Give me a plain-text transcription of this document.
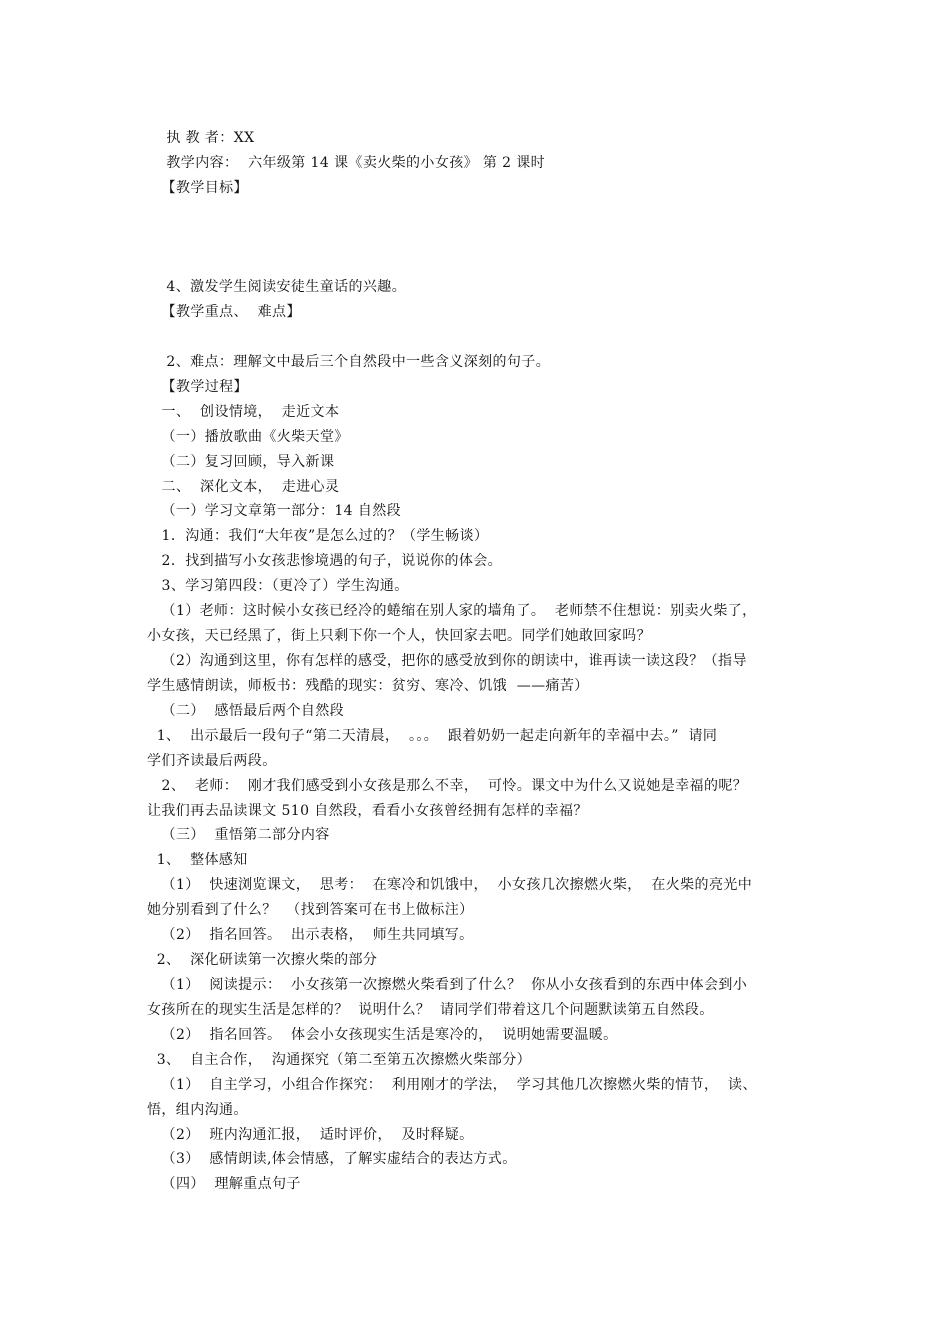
执 教 者：XX
教学内容：  六年级第 14 课《卖火柴的小女孩》 第 2 课时
【教学目标】
4、激发学生阅读安徒生童话的兴趣。
【教学重点、  难点】
2、难点：理解文中最后三个自然段中一些含义深刻的句子。
【教学过程】
一、  创设情境，  走近文本
（一）播放歌曲《火柴天堂》
（二）复习回顾，导入新课
二、  深化文本，  走进心灵
（一）学习文章第一部分：14 自然段
1．沟通：我们“大年夜”是怎么过的？（学生畅谈）
2．找到描写小女孩悲惨境遇的句子，说说你的体会。
3、学习第四段：（更冷了）学生沟通。
（1）老师：这时候小女孩已经冷的蜷缩在别人家的墙角了。  老师禁不住想说：别卖火柴了，
小女孩，天已经黑了，街上只剩下你一个人，快回家去吧。同学们她敢回家吗？
（2）沟通到这里，你有怎样的感受，把你的感受放到你的朗读中，谁再读一读这段？（指导
学生感情朗读，师板书：残酷的现实：贫穷、寒冷、饥饿  ——痛苦）
（二）  感悟最后两个自然段
1、  出示最后一段句子“第二天清晨，  。。。  跟着奶奶一起走向新年的幸福中去。”  请同
学们齐读最后两段。
2、  老师：  刚才我们感受到小女孩是那么不幸，  可怜。课文中为什么又说她是幸福的呢？
让我们再去品读课文 510 自然段，看看小女孩曾经拥有怎样的幸福？
（三）  重悟第二部分内容
1、  整体感知
（1）  快速浏览课文，  思考：  在寒冷和饥饿中，  小女孩几次擦燃火柴，  在火柴的亮光中
她分别看到了什么？  （找到答案可在书上做标注）
（2）  指名回答。  出示表格，  师生共同填写。
2、  深化研读第一次擦火柴的部分
（1）  阅读提示：  小女孩第一次擦燃火柴看到了什么？  你从小女孩看到的东西中体会到小
女孩所在的现实生活是怎样的？  说明什么？  请同学们带着这几个问题默读第五自然段。
（2）  指名回答。  体会小女孩现实生活是寒冷的，  说明她需要温暖。
3、  自主合作，  沟通探究（第二至第五次擦燃火柴部分）
（1）  自主学习，小组合作探究：  利用刚才的学法，  学习其他几次擦燃火柴的情节，  读、
悟，组内沟通。
（2）  班内沟通汇报，  适时评价，  及时释疑。
（3）  感情朗读,体会情感，了解实虚结合的表达方式。
（四）  理解重点句子
